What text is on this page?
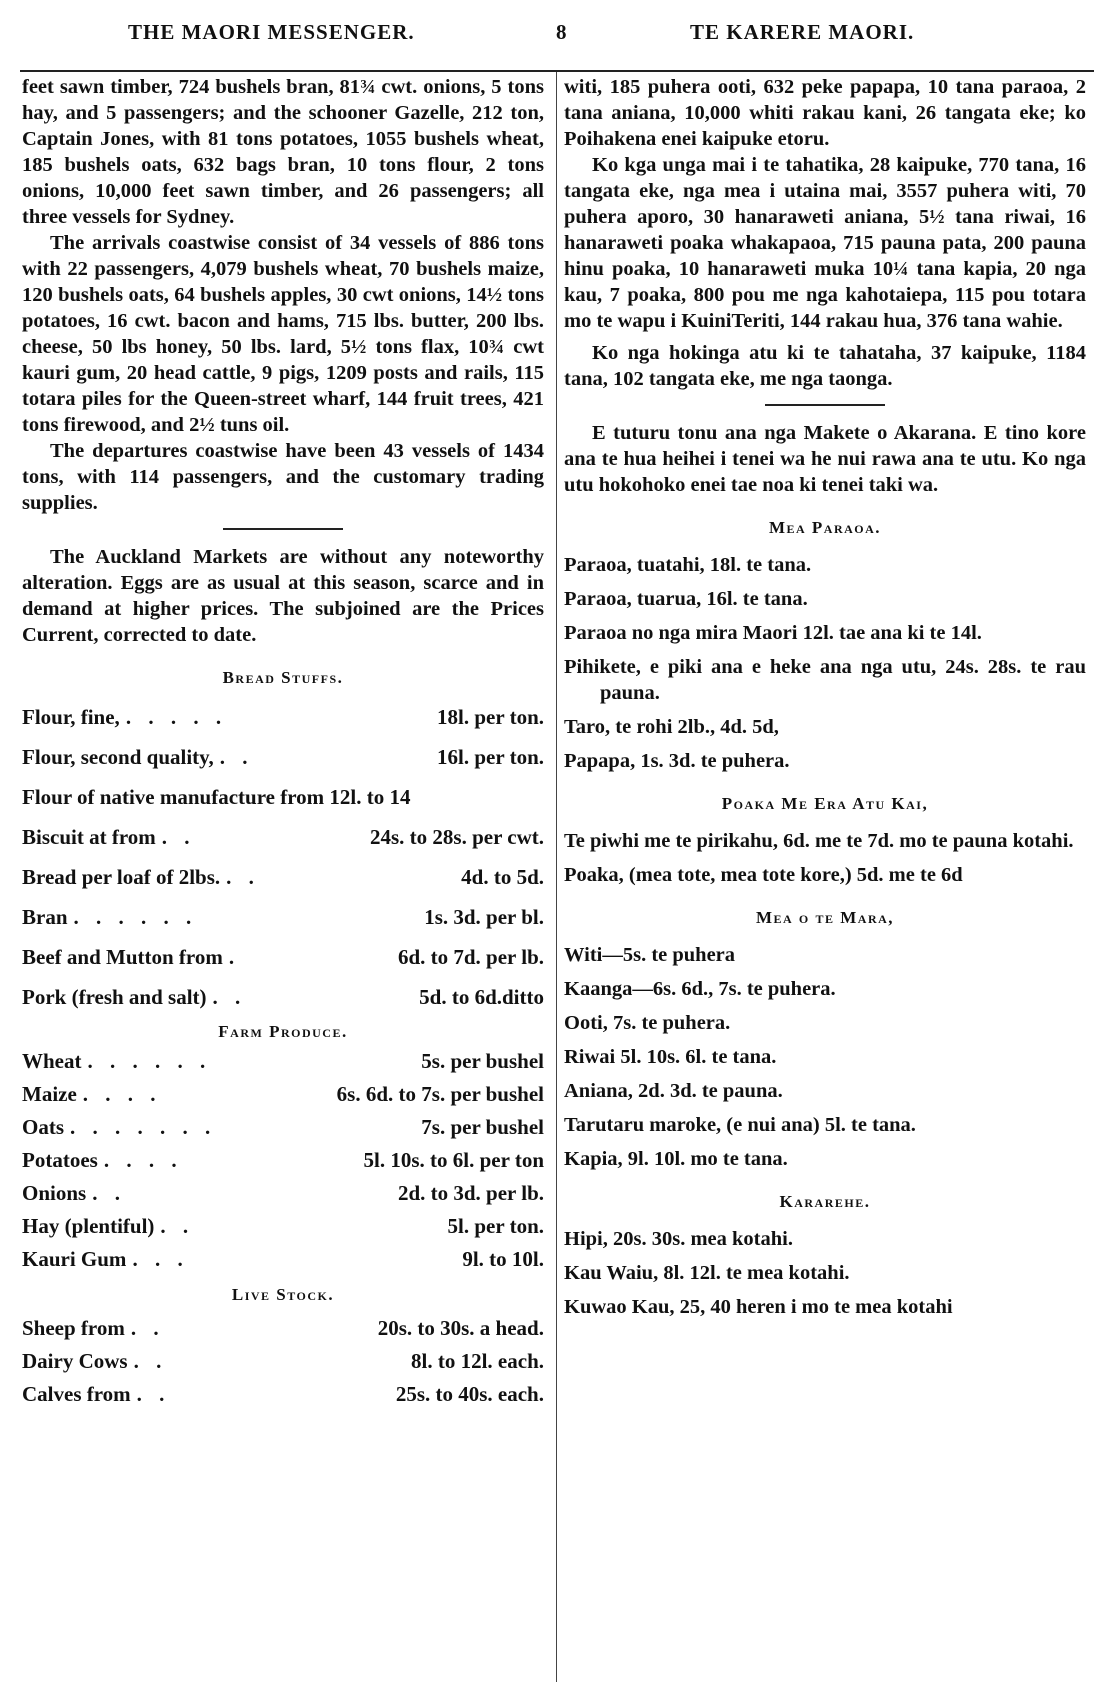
THE MAORI MESSENGER.	8	TE KARERE MAORI.

feet sawn timber, 724 bushels bran, 81¾ cwt. onions, 5 tons hay, and 5 passengers; and the schooner Gazelle, 212 ton, Captain Jones, with 81 tons potatoes, 1055 bushels wheat, 185 bushels oats, 632 bags bran, 10 tons flour, 2 tons onions, 10,000 feet sawn timber, and 26 passengers; all three vessels for Sydney.

The arrivals coastwise consist of 34 vessels of 886 tons with 22 passengers, 4,079 bushels wheat, 70 bushels maize, 120 bushels oats, 64 bushels apples, 30 cwt onions, 14½ tons potatoes, 16 cwt. bacon and hams, 715 lbs. butter, 200 lbs. cheese, 50 lbs honey, 50 lbs. lard, 5½ tons flax, 10¾ cwt kauri gum, 20 head cattle, 9 pigs, 1209 posts and rails, 115 totara piles for the Queen-street wharf, 144 fruit trees, 421 tons firewood, and 2½ tuns oil.

The departures coastwise have been 43 vessels of 1434 tons, with 114 passengers, and the customary trading supplies.

The Auckland Markets are without any noteworthy alteration. Eggs are as usual at this season, scarce and in demand at higher prices. The subjoined are the Prices Current, corrected to date.

Bread Stuffs.
Flour, fine, . . . . .	18l. per ton.
Flour, second quality, . .	16l. per ton.
Flour of native manufacture from 12l. to 14
Biscuit at from . .	24s. to 28s. per cwt.
Bread per loaf of 2lbs. . .	4d. to 5d.
Bran . . . . . .	1s. 3d. per bl.
Beef and Mutton from .	6d. to 7d. per lb.
Pork (fresh and salt) . .	5d. to 6d.ditto
Farm Produce.
Wheat . . . . . .	5s. per bushel
Maize . . . .	6s. 6d. to 7s. per bushel
Oats . . . . . . .	7s. per bushel
Potatoes . . . .	5l. 10s. to 6l. per ton
Onions . .	2d. to 3d. per lb.
Hay (plentiful) . .	5l. per ton.
Kauri Gum . . .	9l. to 10l.
Live Stock.
Sheep from . .	20s. to 30s. a head.
Dairy Cows . .	8l. to 12l. each.
Calves from . .	25s. to 40s. each.

witi, 185 puhera ooti, 632 peke papapa, 10 tana paraoa, 2 tana aniana, 10,000 whiti rakau kani, 26 tangata eke; ko Poihakena enei kaipuke etoru.

Ko kga unga mai i te tahatika, 28 kaipuke, 770 tana, 16 tangata eke, nga mea i utaina mai, 3557 puhera witi, 70 puhera aporo, 30 hanaraweti aniana, 5½ tana riwai, 16 hanaraweti poaka whakapaoa, 715 pauna pata, 200 pauna hinu poaka, 10 hanaraweti muka 10¼ tana kapia, 20 nga kau, 7 poaka, 800 pou me nga kahotaiepa, 115 pou totara mo te wapu i KuiniTeriti, 144 rakau hua, 376 tana wahie.

Ko nga hokinga atu ki te tahataha, 37 kaipuke, 1184 tana, 102 tangata eke, me nga taonga.

E tuturu tonu ana nga Makete o Akarana. E tino kore ana te hua heihei i tenei wa he nui rawa ana te utu. Ko nga utu hokohoko enei tae noa ki tenei taki wa.

Mea Paraoa.

Paraoa, tuatahi, 18l. te tana.

Paraoa, tuarua, 16l. te tana.

Paraoa no nga mira Maori 12l. tae ana ki te 14l.

Pihikete, e piki ana e heke ana nga utu, 24s. 28s. te rau pauna.

Taro, te rohi 2lb., 4d. 5d,

Papapa, 1s. 3d. te puhera.

Poaka Me Era Atu Kai,

Te piwhi me te pirikahu, 6d. me te 7d. mo te pauna kotahi.

Poaka, (mea tote, mea tote kore,) 5d. me te 6d

Mea o te Mara,

Witi—5s. te puhera

Kaanga—6s. 6d., 7s. te puhera.

Ooti, 7s. te puhera.

Riwai 5l. 10s. 6l. te tana.

Aniana, 2d. 3d. te pauna.

Tarutaru maroke, (e nui ana) 5l. te tana.

Kapia, 9l. 10l. mo te tana.

Kararehe.

Hipi, 20s. 30s. mea kotahi.

Kau Waiu, 8l. 12l. te mea kotahi.

Kuwao Kau, 25, 40 heren i mo te mea kotahi
